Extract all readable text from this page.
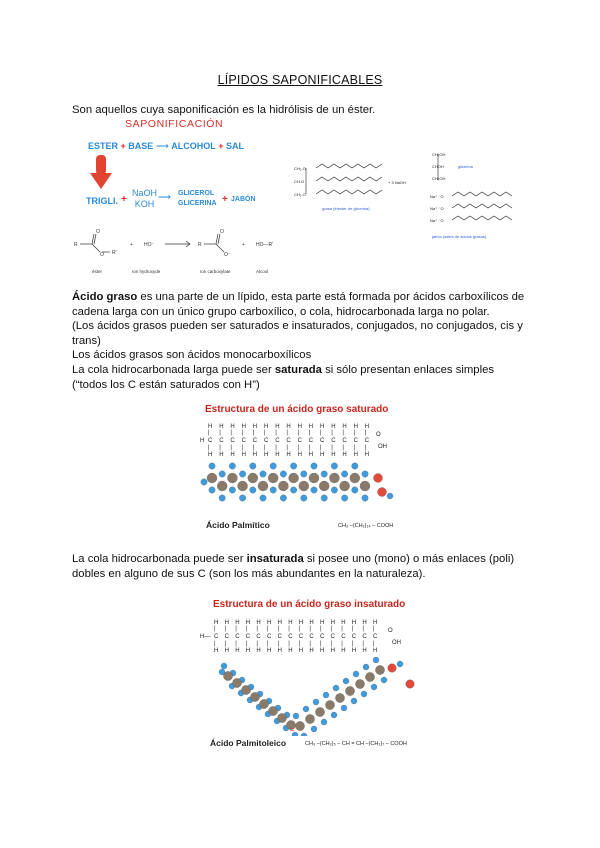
LÍPIDOS SAPONIFICABLES
Son aquellos cuya saponificación es la hidrólisis de un éster.
SAPONIFICACIÓN
ESTER + BASE ⟶ ALCOHOL + SAL
TRIGLI. +
NaOH
KOH
⟶ GLICEROL
GLICERINA + JABÓN
R
O
O R'
+ HO⁻	R
O
O⁻
+ HO—R'
éster	Ion hydroxyde	Ion carboxylate	Alcool
CH₂-O
CH-O
CH₂-O
CH₂OH
CHOH
CH₂OH
Na⁺ ⁻O
Na⁺ ⁻O
Na⁺ ⁻O
+ 3 NaOH
glicerina
grasa (triester de glicerina)
jabón (sales de ácidos grasos)
Ácido graso es una parte de un lípido, esta parte está formada por ácidos carboxílicos de cadena larga con un único grupo carboxílico, o cola, hidrocarbonada larga no polar.
(Los ácidos grasos pueden ser saturados e insaturados, conjugados, no conjugados, cis y trans)
Los ácidos grasos son ácidos monocarboxílicos
La cola hidrocarbonada larga puede ser saturada si sólo presentan enlaces simples (“todos los C están saturados con H”)
Estructura de un ácido graso saturado
H
|
C
|
H
H
|
C
|
H
H
|
C
|
H
H
|
C
|
H
H
|
C
|
H
H
|
C
|
H
H
|
C
|
H
H
|
C
|
H
H
|
C
|
H
H
|
C
|
H
H
|
C
|
H
H
|
C
|
H
H
|
C
|
H
H
|
C
|
H
H
|
C
|
H
H
O
OH
Ácido Palmítico	CH₃ –(CH₂)₁₄ – COOH
La cola hidrocarbonada puede ser insaturada si posee uno (mono) o más enlaces (poli) dobles en alguno de sus C (son los más abundantes en la naturaleza).
Estructura de un ácido graso insaturado
H
|
C
|
H
H
|
C
|
H
H
|
C
|
H
H
|
C
|
H
H
|
C
|
H
H
|
C
|
H
H
|
C
|
H
H
|
C
|
H
H
|
C
|
H
H
|
C
|
H
H
|
C
|
H
H
|
C
|
H
H
|
C
|
H
H
|
C
|
H
H
|
C
|
H
H
|
C
|
H
H—
O
OH
=
Ácido Palmitoleico	CH₃ –(CH₂)₅ – CH = CH –(CH₂)₇ – COOH
